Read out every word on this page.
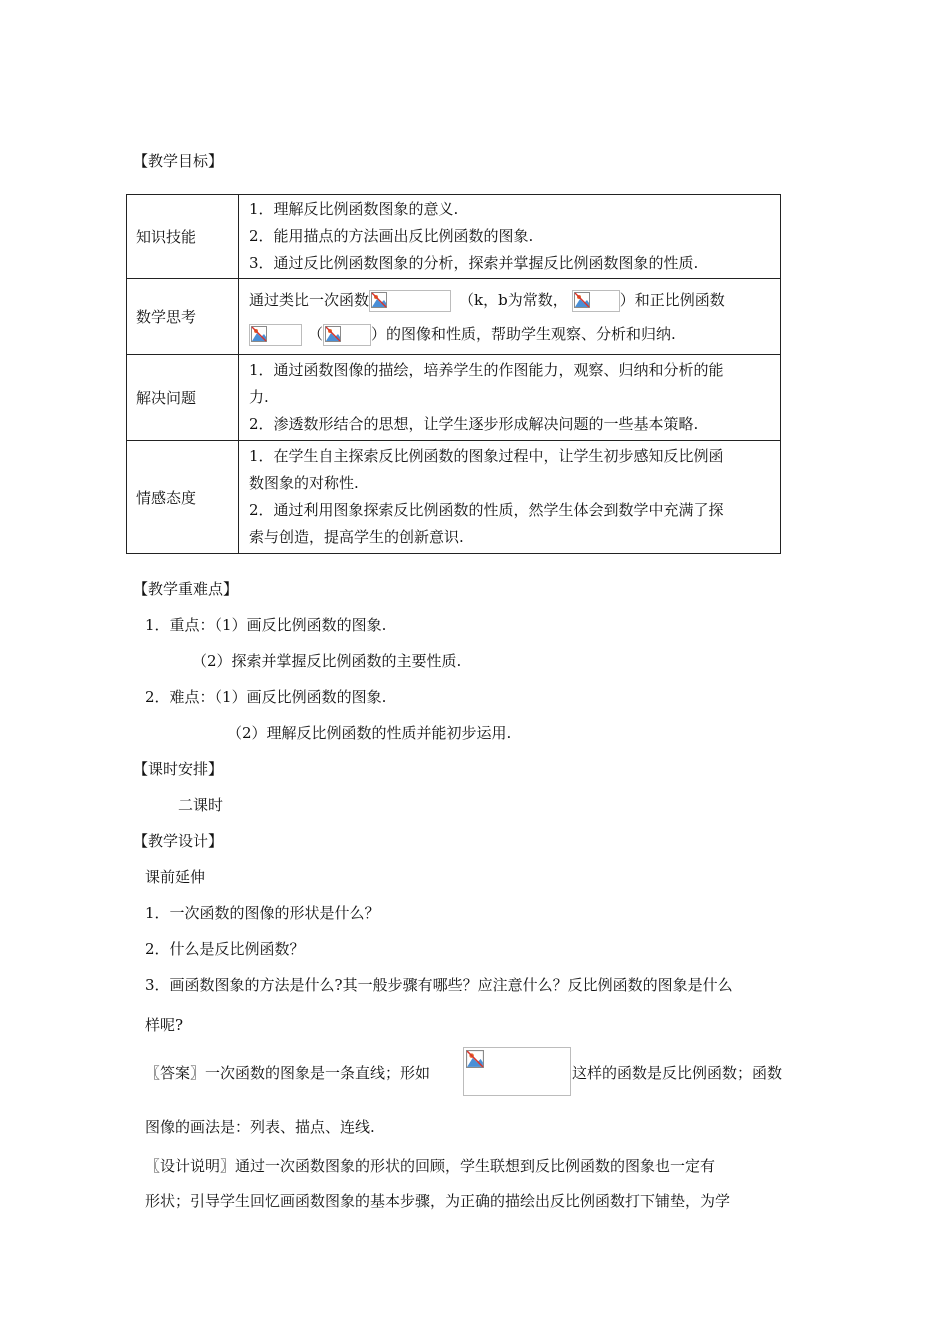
【教学目标】
知识技能	1．理解反比例函数图象的意义.
2．能用描点的方法画出反比例函数的图象.
3．通过反比例函数图象的分析，探索并掌握反比例函数图象的性质.

数学思考	通过类比一次函数 （k，b为常数， ）和正比例函数
（ ）的图像和性质，帮助学生观察、分析和归纳.

解决问题	1．通过函数图像的描绘，培养学生的作图能力，观察、归纳和分析的能
力.
2．渗透数形结合的思想，让学生逐步形成解决问题的一些基本策略.

情感态度	1．在学生自主探索反比例函数的图象过程中，让学生初步感知反比例函
数图象的对称性.
2．通过利用图象探索反比例函数的性质，然学生体会到数学中充满了探
索与创造，提高学生的创新意识.
【教学重难点】
1．重点：（1）画反比例函数的图象.
（2）探索并掌握反比例函数的主要性质.
2．难点：（1）画反比例函数的图象.
（2）理解反比例函数的性质并能初步运用.
【课时安排】
二课时
【教学设计】
课前延伸
1．一次函数的图像的形状是什么？
2．什么是反比例函数？
3．画函数图象的方法是什么?其一般步骤有哪些？应注意什么？反比例函数的图象是什么
样呢?
〖答案〗一次函数的图象是一条直线；形如	这样的函数是反比例函数；函数
图像的画法是：列表、描点、连线.
〖设计说明〗通过一次函数图象的形状的回顾，学生联想到反比例函数的图象也一定有
形状；引导学生回忆画函数图象的基本步骤，为正确的描绘出反比例函数打下铺垫，为学
